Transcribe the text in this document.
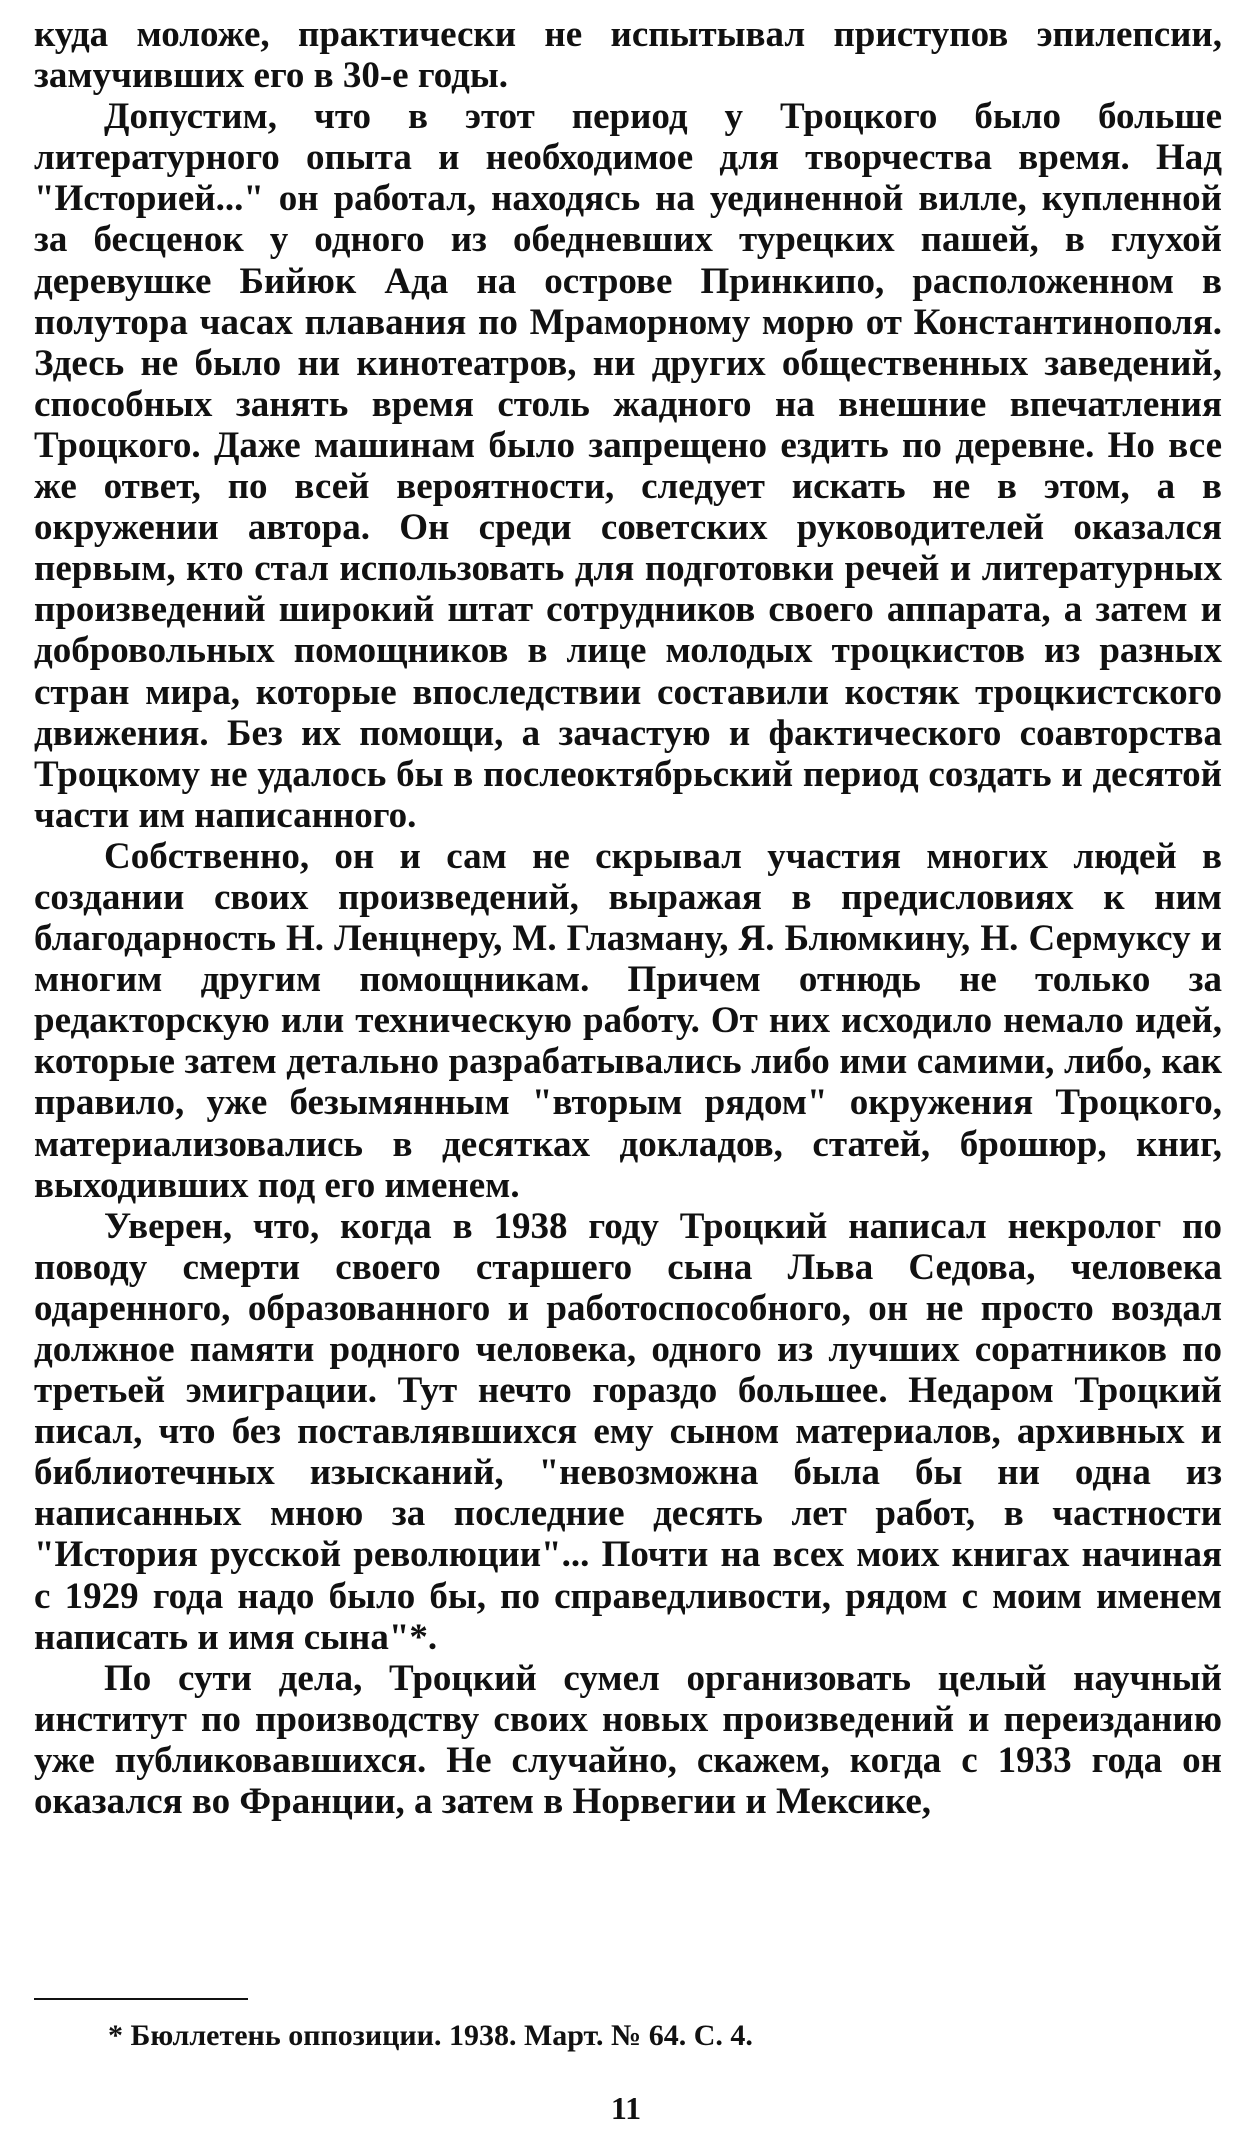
куда моложе, практически не испытывал приступов эпилепсии, замучивших его в 30-е годы.

Допустим, что в этот период у Троцкого было больше литературного опыта и необходимое для творчества время. Над "Историей..." он работал, находясь на уединенной вилле, купленной за бесценок у одного из обедневших турецких пашей, в глухой деревушке Бийюк Ада на острове Принкипо, расположенном в полутора часах плавания по Мраморному морю от Константинополя. Здесь не было ни кинотеатров, ни других общественных заведений, способных занять время столь жадного на внешние впечатления Троцкого. Даже машинам было запрещено ездить по деревне. Но все же ответ, по всей вероятности, следует искать не в этом, а в окружении автора. Он среди советских руководителей оказался первым, кто стал использовать для подготовки речей и литературных произведений широкий штат сотрудников своего аппарата, а затем и добровольных помощников в лице молодых троцкистов из разных стран мира, которые впоследствии составили костяк троцкистского движения. Без их помощи, а зачастую и фактического соавторства Троцкому не удалось бы в послеоктябрьский период создать и десятой части им написанного.

Собственно, он и сам не скрывал участия многих людей в создании своих произведений, выражая в предисловиях к ним благодарность Н. Ленцнеру, М. Глазману, Я. Блюмкину, Н. Сермуксу и многим другим помощникам. Причем отнюдь не только за редакторскую или техническую работу. От них исходило немало идей, которые затем детально разрабатывались либо ими самими, либо, как правило, уже безымянным "вторым рядом" окружения Троцкого, материализовались в десятках докладов, статей, брошюр, книг, выходивших под его именем.

Уверен, что, когда в 1938 году Троцкий написал некролог по поводу смерти своего старшего сына Льва Седова, человека одаренного, образованного и работоспособного, он не просто воздал должное памяти родного человека, одного из лучших соратников по третьей эмиграции. Тут нечто гораздо большее. Недаром Троцкий писал, что без поставлявшихся ему сыном материалов, архивных и библиотечных изысканий, "невозможна была бы ни одна из написанных мною за последние десять лет работ, в частности "История русской революции"... Почти на всех моих книгах начиная с 1929 года надо было бы, по справедливости, рядом с моим именем написать и имя сына"*.

По сути дела, Троцкий сумел организовать целый научный институт по производству своих новых произведений и переизданию уже публиковавшихся. Не случайно, скажем, когда с 1933 года он оказался во Франции, а затем в Норвегии и Мексике,

* Бюллетень оппозиции. 1938. Март. № 64. С. 4.
11
